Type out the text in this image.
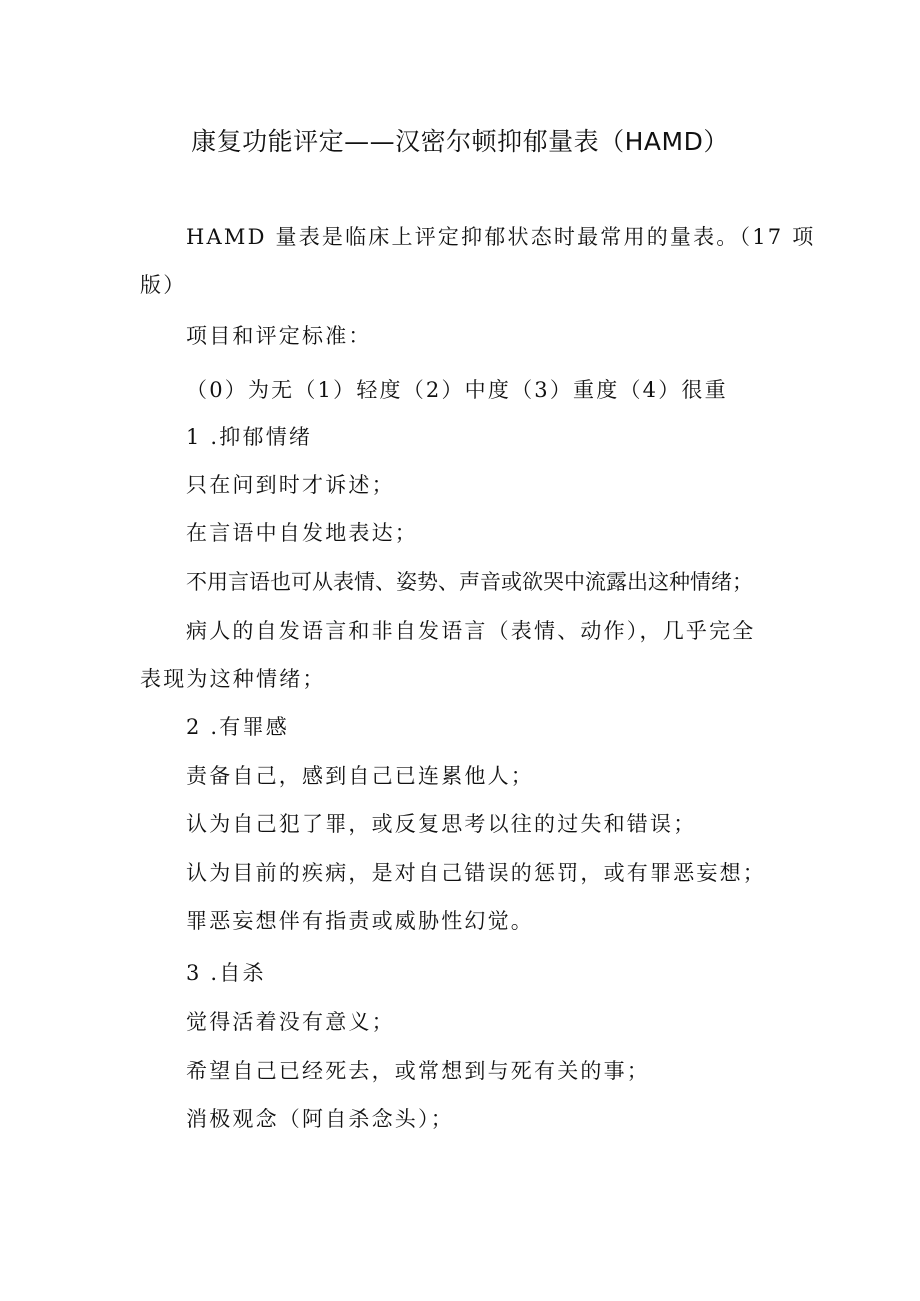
康复功能评定——汉密尔顿抑郁量表（HAMD）

HAMD 量表是临床上评定抑郁状态时最常用的量表。（17 项

版）

项目和评定标准：

（0）为无（1）轻度（2）中度（3）重度（4）很重

1 .抑郁情绪

只在问到时才诉述；

在言语中自发地表达；

不用言语也可从表情、姿势、声音或欲哭中流露出这种情绪；

病人的自发语言和非自发语言（表情、动作），几乎完全

表现为这种情绪；

2 .有罪感

责备自己，感到自己已连累他人；

认为自己犯了罪，或反复思考以往的过失和错误；

认为目前的疾病，是对自己错误的惩罚，或有罪恶妄想；

罪恶妄想伴有指责或威胁性幻觉。

3 .自杀

觉得活着没有意义；

希望自己已经死去，或常想到与死有关的事；

消极观念（阿自杀念头）；
